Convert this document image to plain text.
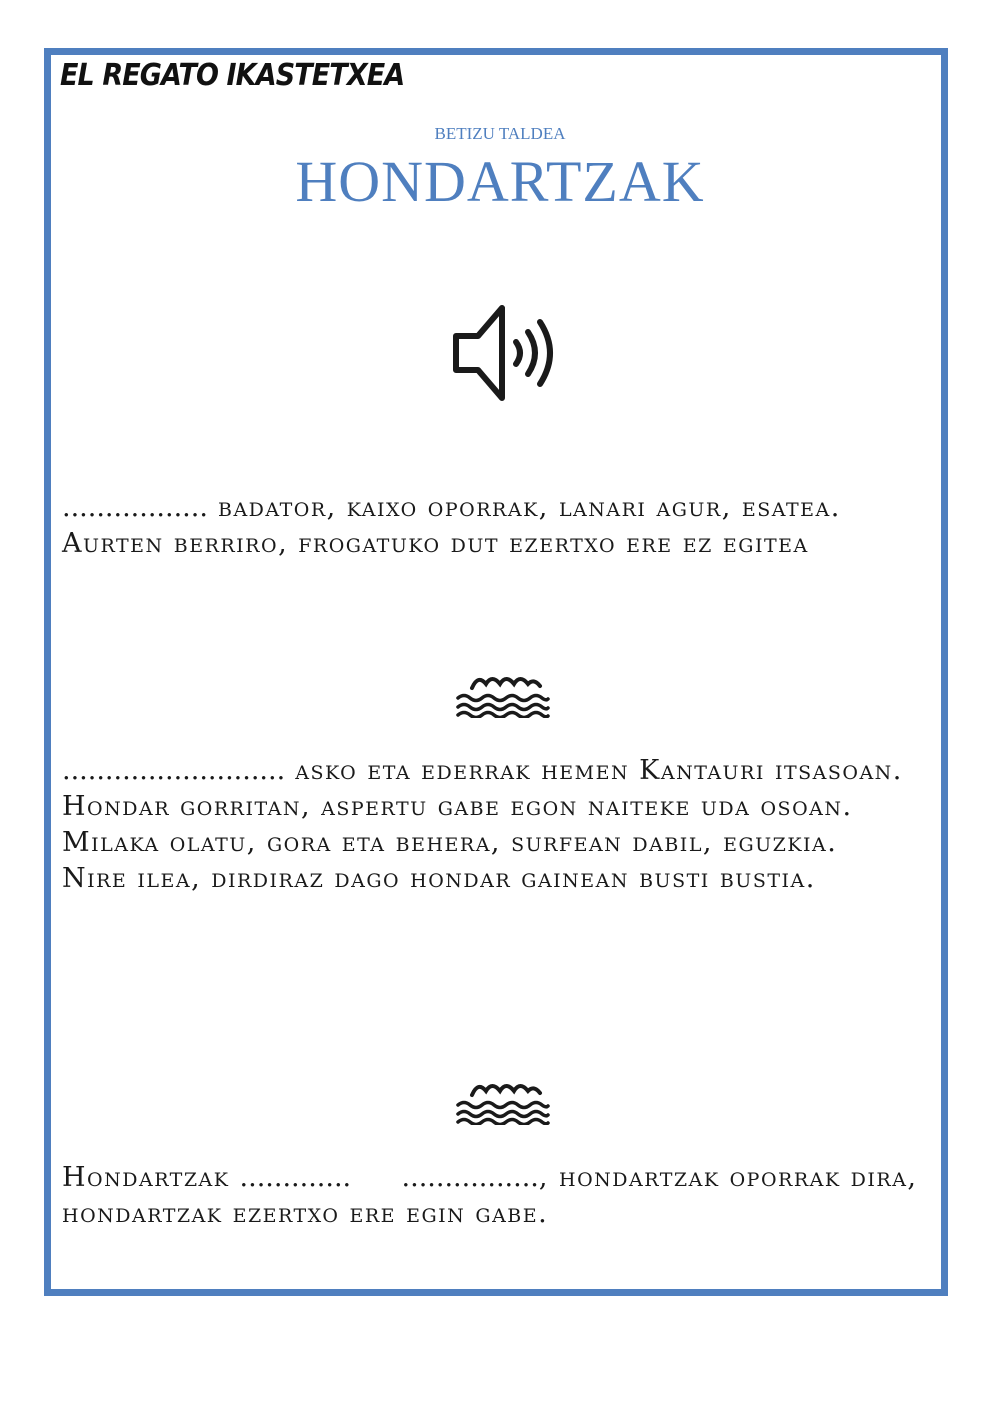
EL REGATO IKASTETXEA
BETIZU TALDEA
HONDARTZAK

................. badator, kaixo oporrak, lanari agur, esatea.

Aurten berriro, frogatuko dut ezertxo ere ez egitea

.......................... asko eta ederrak hemen Kantauri itsasoan.

Hondar gorritan, aspertu gabe egon naiteke uda osoan.

Milaka olatu, gora eta behera, surfean dabil, eguzkia.

Nire ilea, dirdiraz dago hondar gainean busti bustia.

Hondartzak ............. ................, hondartzak oporrak dira, hondartzak ezertxo ere egin gabe.
